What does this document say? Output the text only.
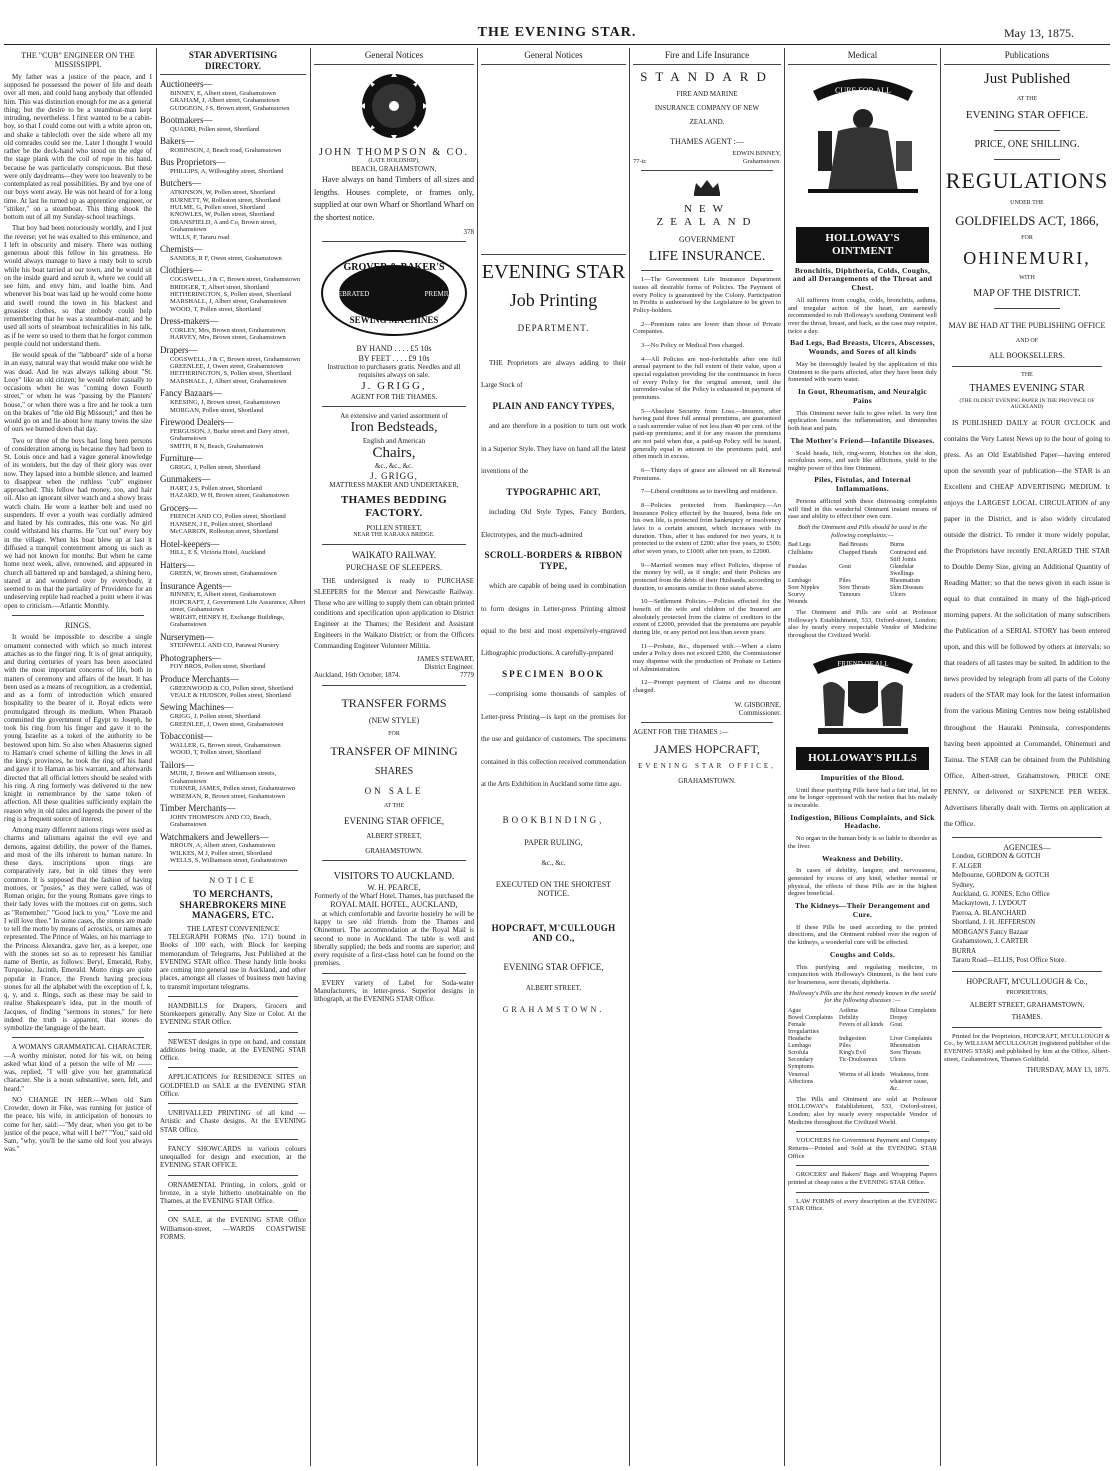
THE EVENING STAR.	May 13, 1875.
THE "CUB" ENGINEER ON THE MISSISSIPPI.

My father was a justice of the peace, and I supposed he possessed the power of life and death over all men, and could hang anybody that offended him. This was distinction enough for me as a general thing; but the desire to be a steamboat-man kept intruding, nevertheless. I first wanted to be a cabin-boy, so that I could come out with a white apron on, and shake a tablecloth over the side where all my old comrades could see me. Later I thought I would rather be the deck-hand who stood on the edge of the stage plank with the coil of rope in his hand, because he was particularly conspicuous. But these were only daydreams—they were too heavenly to be contemplated as real possibilities. By and bye one of our boys went away. He was not heard of for a long time. At last he turned up as apprentice engineer, or "striker," on a steamboat. This thing shook the bottom out of all my Sunday-school teachings.

That boy had been notoriously worldly, and I just the reverse; yet he was exalted to this eminence, and I left in obscurity and misery. There was nothing generous about this fellow in his greatness. He would always manage to have a rusty bolt to scrub while his boat tarried at our town, and he would sit on the inside guard and scrub it, where we could all see him, and envy him, and loathe him. And whenever his boat was laid up he would come home and swell round the town in his blackest and greasiest clothes, so that nobody could help remembering that he was a steamboat-man; and he used all sorts of steamboat technicalities in his talk, as if he were so used to them that he forgot common people could not understand them.

He would speak of the "labboard" side of a horse in an easy, natural way that would make one wish he was dead. And he was always talking about "St. Looy" like an old citizen; he would refer casually to occasions when he was "coming down Fourth street," or when he was "passing by the Planters' house," or when there was a fire and he took a turn on the brakes of "the old Big Missouri;" and then he would go on and lie about how many towns the size of ours we burned down that day.

Two or three of the boys had long been persons of consideration among us because they had been to St. Louis once and had a vague general knowledge of its wonders, but the day of their glory was over now. They lapsed into a humble silence, and learned to disappear when the ruthless "cub" engineer approached. This fellow had money, too, and hair oil. Also an ignorant silver watch and a showy brass watch chain. He wore a leather belt and used no suspenders. If ever a youth was cordially admired and hated by his comrades, this one was. No girl could withstand his charms. He "cut out" every boy in the village. When his boat blew up at last it diffused a tranquil contentment among us such as we had not known for months. But when he came home next week, alive, renowned, and appeared in church all battered up and bandaged, a shining hero, stared at and wondered over by everybody, it seemed to us that the partiality of Providence for an undeserving reptile had reached a point where it was open to criticism.—Atlantic Monthly.

RINGS.

It would be impossible to describe a single ornament connected with which so much interest attaches as to the finger ring. It is of great antiquity, and during centuries of years has been associated with the most important concerns of life, both in matters of ceremony and affairs of the heart. It has been used as a means of recognition, as a credential, and as a form of introduction which ensured hospitality to the bearer of it. Royal edicts were promulgated through its medium. When Pharaoh committed the government of Egypt to Joseph, he took his ring from his finger and gave it to the young Israelite as a token of the authority to be bestowed upon him. So also when Ahasuerus signed to Haman's cruel scheme of killing the Jews in all the king's provinces, he took the ring off his hand and gave it to Haman as his warrant, and afterwards directed that all official letters should be sealed with his ring. A ring formerly was delivered to the new knight in remembrance by the same token of affection. All these qualities sufficiently explain the reason why in old tales and legends the power of the ring is a frequent source of interest.

Among many different nations rings were used as charms and talismans against the evil eye and demons, against debility, the power of the flames, and most of the ills inherent to human nature. In these days, inscriptions upon rings are comparatively rare, but in old times they were common. It is supposed that the fashion of having mottoes, or "posies," as they were called, was of Roman origin, for the young Romans gave rings to their lady loves with the mottoes cut on gems, such as "Remember," "Good luck to you," "Love me and I will love thee." In some cases, the stones are made to tell the motto by means of acrostics, or names are represented. The Prince of Wales, on his marriage to the Princess Alexandra, gave her, as a keeper, one with the stones set so as to represent his familiar name of Bertie, as follows: Beryl, Emerald, Ruby, Turquoise, Jacinth, Emerald. Motto rings are quite popular in France, the French having precious stones for all the alphabet with the exception of f, k, q, y, and z. Rings, such as these may be said to realise Shakespeare's idea, put in the mouth of Jacques, of finding "sermons in stones," for here indeed the truth is apparent, that stones do symbolize the language of the heart.

A WOMAN'S GRAMMATICAL CHARACTER.—A worthy minister, noted for his wit, on being asked what kind of a person the wife of Mr —— was, replied, "I will give you her grammatical character. She is a noun substantive, seen, felt, and heard."

NO CHANGE IN HER.—When old Sam Crowder, down in Fike, was running for justice of the peace, his wife, in anticipation of honours to come for her, said:—"My dear, when you get to be justice of the peace, what will I be?" "You," said old Sam, "why, you'll be the same old fool you always was."

STAR ADVERTISING DIRECTORY.
Auctioneers—
BINNEY, E, Albert street, Grahamstown
GRAHAM, J, Albert street, Grahamstown
GUDGEON, J S, Brown street, Grahamstown
Bootmakers—
QUADRI, Pollen street, Shortland
Bakers—
ROBINSON, J, Beach road, Grahamstown
Bus Proprietors—
PHILLIPS, A, Willoughby street, Shortland
Butchers—
ATKINSON, W, Pollen street, Shortland
BURNETT, W, Rolleston street, Shortland
HULME, G, Pollen street, Shortland
KNOWLES, W, Pollen street, Shortland
DRANSFIELD, A and Co, Brown street, Grahamstown
WILLS, F, Tararu road
Chemists—
SANDES, R F, Owen street, Grahamstown
Clothiers—
COGSWELL, J & C, Brown street, Grahamstown
BRIDGER, T, Albert street, Shortland
HETHERINGTON, S, Pollen street, Shortland
MARSHALL, J, Albert street, Grahamstown
WOOD, T, Pollen street, Shortland
Dress-makers—
CORLEY, Mrs, Brown street, Grahamstown
HARVEY, Mrs, Brown street, Grahamstown
Drapers—
COGSWELL, J & C, Brown street, Grahamstown
GREENLEE, J, Owen street, Grahamstown
HETHERINGTON, S, Pollen street, Shortland
MARSHALL, J, Albert street, Grahamstown
Fancy Bazaars—
KEESING, J, Brown street, Grahamstown
MORGAN, Pollen street, Shortland
Firewood Dealers—
FERGUSON, J, Burke street and Davy street, Grahamstown
SMITH, R N, Beach, Grahamstown
Furniture—
GRIGG, J, Pollen street, Shortland
Gunmakers—
HART, J S, Pollen street, Shortland
HAZARD, W H, Brown street, Grahamstown
Grocers—
FRENCH AND CO, Pollen street, Shortland
HANSEN, J E, Pollen street, Shortland
McCARRON, Rolleston street, Shortland
Hotel-keepers—
HILL, E S, Victoria Hotel, Auckland
Hatters—
GREEN, W, Brown street, Grahamstown
Insurance Agents—
BINNEY, E, Albert street, Grahamstown
HOPCRAFT, J, Government Life Assurance, Albert street, Grahamstown
WRIGHT, HENRY H, Exchange Buildings, Grahamstown
Nurserymen—
STEINWELL AND CO, Parawai Nursery
Photographers—
FOY BROS, Pollen street, Shortland
Produce Merchants—
GREENWOOD & CO, Pollen street, Shortland
VEALE & HUDSON, Pollen street, Shortland
Sewing Machines—
GRIGG, J, Pollen street, Shortland
GREENLEE, J, Owen street, Grahamstown
Tobacconist—
WALLER, G, Brown street, Grahamstown
WOOD, T, Pollen street, Shortland
Tailors—
MUIR, J, Brown and Williamson streets, Grahamstown
TURNER, JAMES, Pollen street, Grahamstown
WISEMAN, R, Brown street, Grahamstown
Timber Merchants—
JOHN THOMPSON AND CO, Beach, Grahamstown
Watchmakers and Jewellers—
BROUN, A, Albert street, Grahamstown
WILKES, M J, Pollen street, Shortland
WELLS, S, Williamson street, Grahamstown
NOTICE
TO MERCHANTS, SHAREBROKERS MINE MANAGERS, ETC.
THE LATEST CONVENIENCE

TELEGRAPH FORMS (No. 171) bound in Books of 100 each, with Block for keeping memorandum of Telegrams, Just Published at the EVENING STAR office. These handy little books are coming into general use in Auckland, and other places, amongst all classes of business men having to transmit important telegrams.

HANDBILLS for Drapers, Grocers and Storekeepers generally. Any Size or Color. At the EVENING STAR Office.

NEWEST designs in type on hand, and constant additions being made, at the EVENING STAR Office.

APPLICATIONS for RESIDENCE SITES on GOLDFIELD on SALE at the EVENING STAR Office.

UNRIVALLED PRINTING of all kind —Artistic and Chaste designs. At the EVENING STAR Office.

FANCY SHOWCARDS in various colours unequalled for design and execution, at the EVENING STAR OFFICE.

ORNAMENTAL Printing, in colors, gold or bronze, in a style hitherto unobtainable on the Thames, at the EVENING STAR Office.

ON SALE, at the EVENING STAR Office Williamson-street, —WARDS COASTWISE FORMS.

General Notices
JOHN THOMPSON & CO.
(LATE HOLDSHIP),
BEACH, GRAHAMSTOWN,

Have always on hand Timbers of all sizes and lengths. Houses complete, or frames only, supplied at our own Wharf or Shortland Wharf on the shortest notice.

378
GROVER & BAKER'S
CELEBRATED	PREMIUM
SEWING MACHINES
BY HAND . . . . £5 10s
BY FEET . . . . £9 10s
Instruction to purchasers gratis. Needles and all requisites always on sale.
J. GRIGG,
AGENT FOR THE THAMES.
An extensive and varied assortment of
Iron Bedsteads,
English and American
Chairs,
&c., &c., &c.
J. GRIGG,
MATTRESS MAKER AND UNDERTAKER,
THAMES BEDDING FACTORY.
POLLEN STREET,
NEAR THE KARAKA BRIDGE.
WAIKATO RAILWAY.
PURCHASE OF SLEEPERS.

THE undersigned is ready to PURCHASE SLEEPERS for the Mercer and Newcastle Railway. Those who are willing to supply them can obtain printed conditions and specification upon application to District Engineer at the Thames; the Resident and Assistant Engineers in the Waikato District; or from the Officers Commanding Engineer Volunteer Militia.

JAMES STEWART,
District Engineer.
Auckland, 16th October, 1874.	7779
TRANSFER FORMS
(NEW STYLE)
FOR
TRANSFER OF MINING
SHARES
ON SALE
AT THE
EVENING STAR OFFICE,
ALBERT STREET,
GRAHAMSTOWN.
VISITORS TO AUCKLAND.
W. H. PEARCE,
Formerly of the Wharf Hotel, Thames, has purchased the
ROYAL MAIL HOTEL, AUCKLAND,

at which comfortable and favorite hostelry he will be happy to see old friends from the Thames and Ohinemuri. The accommodation at the Royal Mail is second to none in Auckland. The table is well and liberally supplied; the beds and rooms are superior; and every requisite of a first-class hotel can be found on the premises.

EVERY variety of Label for Soda-water Manufacturers, in letter-press. Superior designs in lithograph, at the EVENING STAR Office.

General Notices
EVENING STAR
Job Printing
DEPARTMENT.

THE Proprietors are always adding to their Large Stock of

PLAIN AND FANCY TYPES,

and are therefore in a position to turn out work in a Superior Style. They have on hand all the latest inventions of the

TYPOGRAPHIC ART,

including Old Style Types, Fancy Borders, Electrotypes, and the much-admired

SCROLL-BORDERS & RIBBON TYPE,

which are capable of being used in combination to form designs in Letter-press Printing almost equal to the best and most expensively-engraved Lithographic productions. A carefully-prepared

SPECIMEN BOOK

—comprising some thousands of samples of Letter-press Printing—is kept on the premises for the use and guidance of customers. The specimens contained in this collection received commendation at the Arts Exhibition in Auckland some time ago.

BOOKBINDING,
PAPER RULING,
&c., &c.
EXECUTED ON THE SHORTEST NOTICE.
HOPCRAFT, M'CULLOUGH AND CO.,
EVENING STAR OFFICE,
ALBERT STREET,
GRAHAMSTOWN.
Fire and Life Insurance
STANDARD
FIRE AND MARINE
INSURANCE COMPANY OF NEW
ZEALAND.
THAMES AGENT :—
EDWIN BINNEY,
77-tc	Grahamstown.
NEW ZEALAND
GOVERNMENT
LIFE INSURANCE.

1—The Government Life Insurance Department issues all desirable forms of Policies. The Payment of every Policy is guaranteed by the Colony. Participation in Profits is authorised by the Legislature to be given to Policy-holders.

2—Premium rates are lower than those of Private Companies.

3—No Policy or Medical Fees charged.

4—All Policies are non-forfeitable after one full annual payment to the full extent of their value, upon a special regulation providing for the continuance in force of every Policy for the original amount, until the surrender-value of the Policy is exhausted in payment of premiums.

5—Absolute Security from Loss.—Insurers, after having paid three full annual premiums, are guaranteed a cash surrender value of not less than 40 per cent. of the paid-up premiums; and if for any reason the premiums are not paid when due, a paid-up Policy will be issued, generally equal in amount to the premiums paid, and often much in excess.

6—Thirty days of grace are allowed on all Renewal Premiums.

7—Liberal conditions as to travelling and residence.

8—Policies protected from Bankruptcy.—An Insurance Policy effected by the Insured, bona fide on his own life, is protected from bankruptcy or insolvency laws to a certain amount, which increases with its duration. Thus, after it has endured for two years, it is protected to the extent of £200; after five years, to £500; after seven years, to £1000; after ten years, to £2000.

9—Married women may effect Policies, dispose of the money by will, as if single; and their Policies are protected from the debts of their Husbands, according to duration, to amounts similar to those stated above.

10—Settlement Policies.—Policies effected for the benefit of the wife and children of the Insured are absolutely protected from the claims of creditors to the extent of £2000, provided that the premiums are payable during life, or any period not less than seven years.

11—Probate, &c., dispensed with.—When a claim under a Policy does not exceed £200, the Commissioner may dispense with the production of Probate or Letters of Administration.

12—Prompt payment of Claims and no discount charged.

W. GISBORNE,
Commissioner.
AGENT FOR THE THAMES :—
JAMES HOPCRAFT,
EVENING STAR OFFICE,
GRAHAMSTOWN.
Medical
CURE FOR ALL
HOLLOWAY'S OINTMENT
Bronchitis, Diphtheria, Colds, Coughs, and all Derangements of the Throat and Chest.

All sufferers from coughs, colds, bronchitis, asthma, and irregular action of the heart, are earnestly recommended to rub Holloway's soothing Ointment well over the throat, breast, and back, as the case may require, twice a day.

Bad Legs, Bad Breasts, Ulcers, Abscesses, Wounds, and Sores of all kinds

May be thoroughly healed by the application of this Ointment to the parts affected, after they have been duly fomented with warm water.

In Gout, Rheumatism, and Neuralgic Pains

This Ointment never fails to give relief. In very first application lessens the inflammation, and diminishes both heat and pain.

The Mother's Friend—Infantile Diseases.

Scald heads, itch, ring-worm, blotches on the skin, scrofulous sores, and such like afflictions, yield to the mighty power of this fine Ointment.

Piles, Fistulas, and Internal Inflammations.

Persons afflicted with these distressing complaints will find in this wonderful Ointment instant means of ease and ability to effect their own cure.

Both the Ointment and Pills should be used in the following complaints:—
Bad Legs	Bad Breasts	Burns
Chilblains	Chapped Hands	Contracted and Stiff Joints
Fistulas	Gout	Glandular Swellings
Lumbago	Piles	Rheumatism
Sore Nipples	Sore Throats	Skin Diseases
Scurvy	Tumours	Ulcers
Wounds

The Ointment and Pills are sold at Professor Holloway's Establishment, 533, Oxford-street, London; also by nearly every respectable Vendor of Medicine throughout the Civilized World.

FRIEND OF ALL
HOLLOWAY'S PILLS
Impurities of the Blood.

Until these purifying Pills have had a fair trial, let no one be longer oppressed with the notion that his malady is incurable.

Indigestion, Bilious Complaints, and Sick Headache.

No organ in the human body is so liable to disorder as the liver.

Weakness and Debility.

In cases of debility, languor, and nervousness, generated by excess of any kind, whether mental or physical, the effects of these Pills are in the highest degree beneficial.

The Kidneys—Their Derangement and Cure.

If these Pills be used according to the printed directions, and the Ointment rubbed over the region of the kidneys, a wonderful cure will be effected.

Coughs and Colds.

This purifying and regulating medicine, in conjunction with Holloway's Ointment, is the best cure for hoarseness, sore throats, diphtheria.

Holloway's Pills are the best remedy known in the world for the following diseases :—
Ague	Asthma	Bilious Complaints
Bowel Complaints	Debility	Dropsy
Female Irregularities
Fevers of all kinds	Gout
Headache	Indigestion	Liver Complaints
Lumbago	Piles	Rheumatism
Scrofula	King's Evil	Sore Throats
Secondary Symptoms
Tic-Douloureux	Ulcers
Venereal Affections
Worms of all kinds Weakness, from whatever cause, &c.

The Pills and Ointment are sold at Professor HOLLOWAY's Establishment, 533, Oxford-street, London; also by nearly every respectable Vendor of Medicine throughout the Civilized World.

VOUCHERS for Government Payment and Company Returns—Printed and Sold at the EVENING STAR Office

GROCERS' and Bakers' Bags and Wrapping Papers printed at cheap rates a the EVENING STAR Office.

LAW FORMS of every description at the EVENING STAR Office.

Publications
Just Published
AT THE
EVENING STAR OFFICE.
PRICE, ONE SHILLING.
REGULATIONS
UNDER THE
GOLDFIELDS ACT, 1866,
FOR
OHINEMURI,
WITH
MAP OF THE DISTRICT.
MAY BE HAD AT THE PUBLISHING OFFICE
AND OF
ALL BOOKSELLERS.
THE
THAMES EVENING STAR
(THE OLDEST EVENING PAPER IN THE PROVINCE OF AUCKLAND)

IS PUBLISHED DAILY at FOUR O'CLOCK and contains the Very Latest News up to the hour of going to press. As an Old Established Paper—having entered upon the seventh year of publication—the STAR is an Excellent and CHEAP ADVERTISING MEDIUM. It enjoys the LARGEST LOCAL CIRCULATION of any paper in the District, and is also widely circulated outside the district. To render it more widely popular, the Proprietors have recently ENLARGED THE STAR to Double Demy Size, giving an Additional Quantity of Reading Matter; so that the news given in each issue is equal to that contained in many of the high-priced morning papers. At the solicitation of many subscribers the Publication of a SERIAL STORY has been entered upon, and this will be followed by others at intervals; so that readers of all tastes may be suited. In addition to the news provided by telegraph from all parts of the Colony readers of the STAR may look for the latest information from the various Mining Centres now being established throughout the Hauraki Peninsula, correspondents having been appointed at Coromandel, Ohinemuri and Tairua. The STAR can be obtained from the Publishing Office, Albert-street, Grahamstown, PRICE ONE PENNY, or delivered or SIXPENCE PER WEEK. Advertisers liberally dealt with. Terms on application at the Office.

AGENCIES—
London, GORDON & GOTCH
F. ALGER
Melbourne, GORDON & GOTCH
Sydney,
Auckland, G. JONES, Echo Office
Mackaytown, J. LYDOUT
Paeroa, A. BLANCHARD
Shortland, J. H. JEFFERSON
MORGAN'S Fancy Bazaar
Grahamstown, J. CARTER
BURRA
Tararu Road—ELLIS, Post Office Store.
HOPCRAFT, M'CULLOUGH & Co.,
PROPRIETORS,
ALBERT STREET, GRAHAMSTOWN,
THAMES.

Printed for the Proprietors, HOPCRAFT, M'CULLOUGH & Co., by WILLIAM M'CULLOUGH (registered publisher of the EVENING STAR) and published by him at the Office, Albert-street, Grahamstown, Thames Goldfield.

THURSDAY, MAY 13, 1875.
